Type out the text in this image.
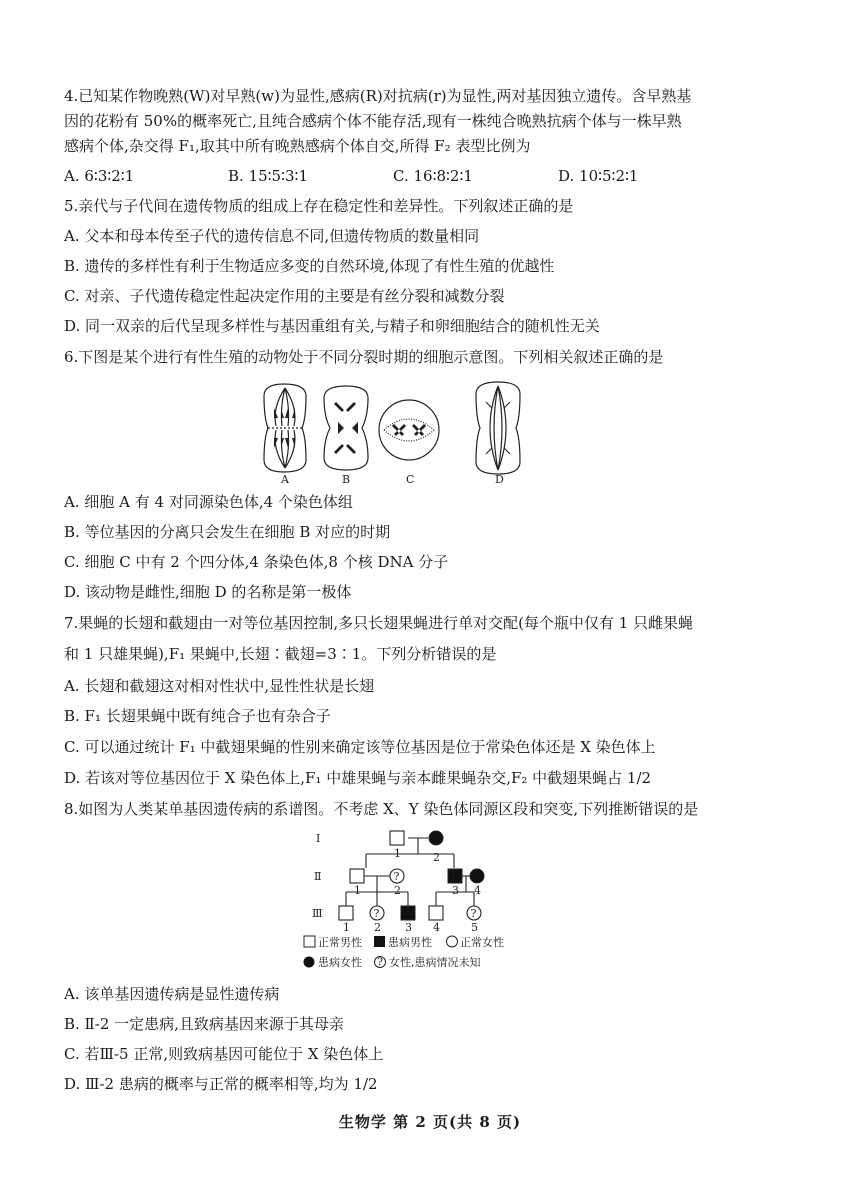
4.已知某作物晚熟(W)对早熟(w)为显性,感病(R)对抗病(r)为显性,两对基因独立遗传。含早熟基
因的花粉有 50%的概率死亡,且纯合感病个体不能存活,现有一株纯合晚熟抗病个体与一株早熟
感病个体,杂交得 F₁,取其中所有晚熟感病个体自交,所得 F₂ 表型比例为
A. 6∶3∶2∶1	B. 15∶5∶3∶1	C. 16∶8∶2∶1	D. 10∶5∶2∶1
5.亲代与子代间在遗传物质的组成上存在稳定性和差异性。下列叙述正确的是
A. 父本和母本传至子代的遗传信息不同,但遗传物质的数量相同
B. 遗传的多样性有利于生物适应多变的自然环境,体现了有性生殖的优越性
C. 对亲、子代遗传稳定性起决定作用的主要是有丝分裂和减数分裂
D. 同一双亲的后代呈现多样性与基因重组有关,与精子和卵细胞结合的随机性无关
6.下图是某个进行有性生殖的动物处于不同分裂时期的细胞示意图。下列相关叙述正确的是
A	B	C	D
A. 细胞 A 有 4 对同源染色体,4 个染色体组
B. 等位基因的分离只会发生在细胞 B 对应的时期
C. 细胞 C 中有 2 个四分体,4 条染色体,8 个核 DNA 分子
D. 该动物是雌性,细胞 D 的名称是第一极体
7.果蝇的长翅和截翅由一对等位基因控制,多只长翅果蝇进行单对交配(每个瓶中仅有 1 只雌果蝇
和 1 只雄果蝇),F₁ 果蝇中,长翅∶截翅=3∶1。下列分析错误的是
A. 长翅和截翅这对相对性状中,显性性状是长翅
B. F₁ 长翅果蝇中既有纯合子也有杂合子
C. 可以通过统计 F₁ 中截翅果蝇的性别来确定该等位基因是位于常染色体还是 X 染色体上
D. 若该对等位基因位于 X 染色体上,F₁ 中雄果蝇与亲本雌果蝇杂交,F₂ 中截翅果蝇占 1/2
8.如图为人类某单基因遗传病的系谱图。不考虑 X、Y 染色体同源区段和突变,下列推断错误的是
?
?	?
Ⅰ
Ⅱ
Ⅲ
1	2
1	2	3 4
1 2 3 4	5
正常男性 患病男性	正常女性
患病女性 ? 女性,患病情况未知
A. 该单基因遗传病是显性遗传病
B. Ⅱ-2 一定患病,且致病基因来源于其母亲
C. 若Ⅲ-5 正常,则致病基因可能位于 X 染色体上
D. Ⅲ-2 患病的概率与正常的概率相等,均为 1/2
生物学 第 2 页(共 8 页)
